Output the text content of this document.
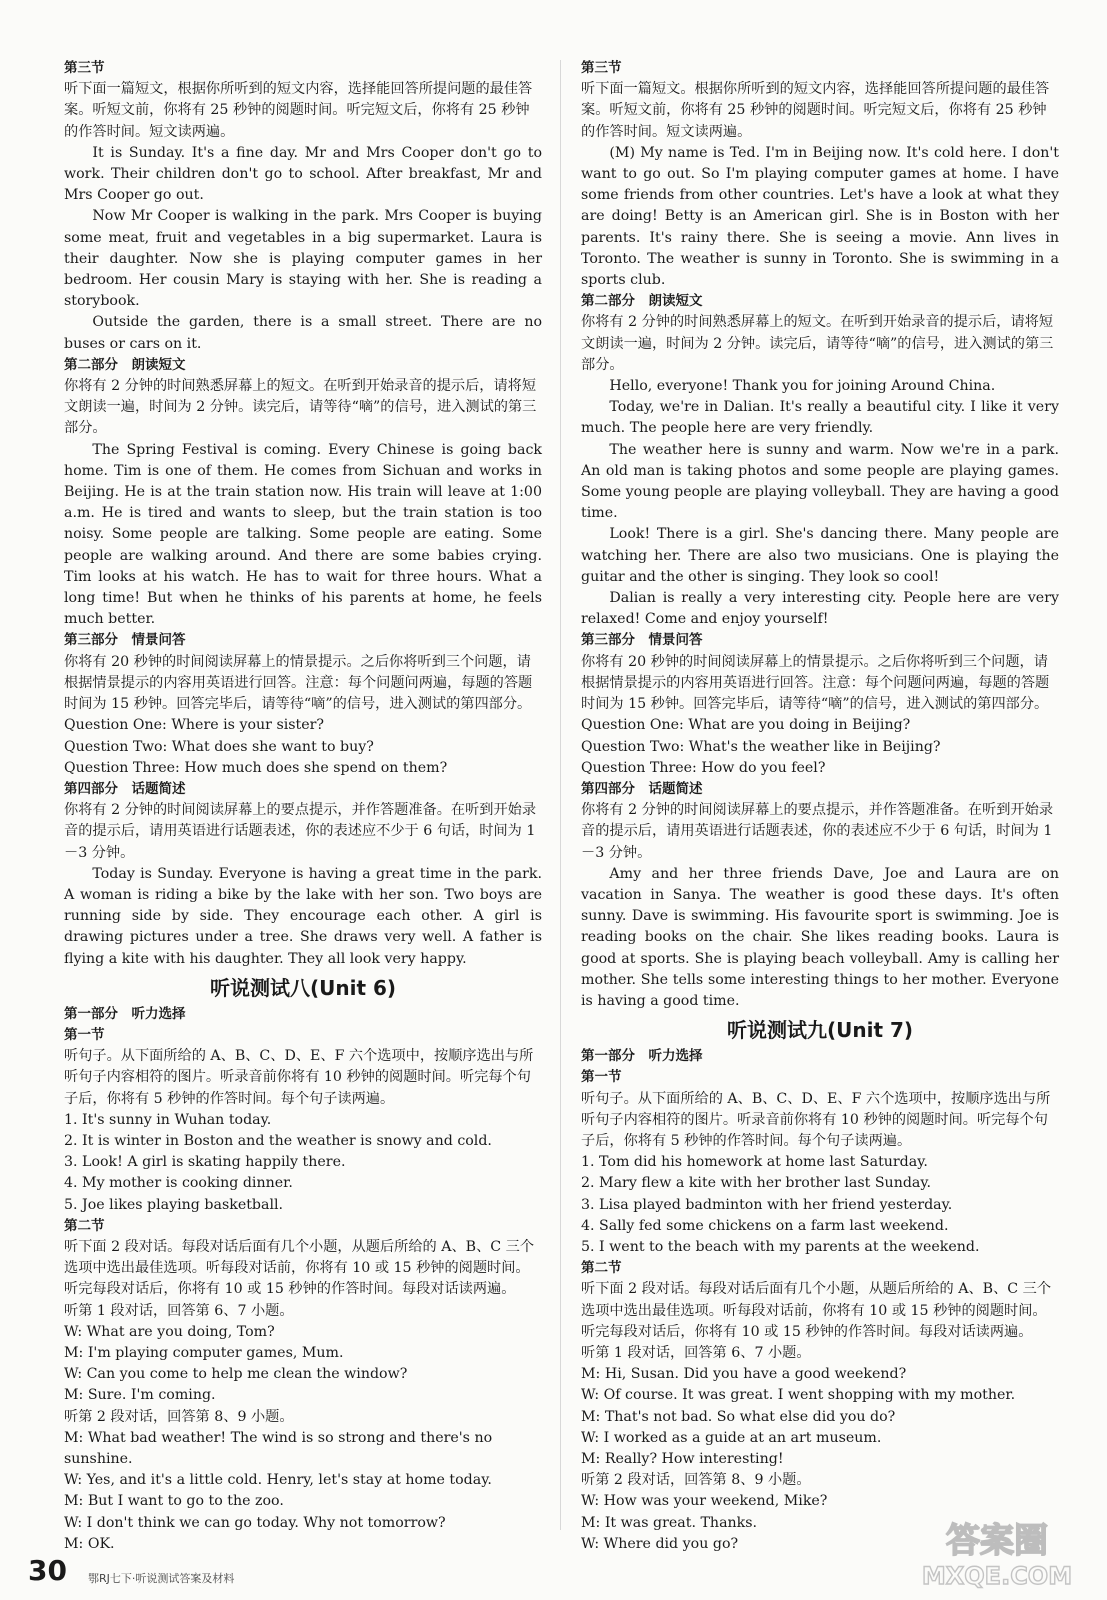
第三节

听下面一篇短文，根据你所听到的短文内容，选择能回答所提问题的最佳答案。听短文前，你将有 25 秒钟的阅题时间。听完短文后，你将有 25 秒钟的作答时间。短文读两遍。

It is Sunday. It's a fine day. Mr and Mrs Cooper don't go to work. Their children don't go to school. After breakfast, Mr and Mrs Cooper go out.

Now Mr Cooper is walking in the park. Mrs Cooper is buying some meat, fruit and vegetables in a big supermarket. Laura is their daughter. Now she is playing computer games in her bedroom. Her cousin Mary is staying with her. She is reading a storybook.

Outside the garden, there is a small street. There are no buses or cars on it.

第二部分　朗读短文

你将有 2 分钟的时间熟悉屏幕上的短文。在听到开始录音的提示后，请将短文朗读一遍，时间为 2 分钟。读完后，请等待“嘀”的信号，进入测试的第三部分。

The Spring Festival is coming. Every Chinese is going back home. Tim is one of them. He comes from Sichuan and works in Beijing. He is at the train station now. His train will leave at 1:00 a.m. He is tired and wants to sleep, but the train station is too noisy. Some people are talking. Some people are eating. Some people are walking around. And there are some babies crying. Tim looks at his watch. He has to wait for three hours. What a long time! But when he thinks of his parents at home, he feels much better.

第三部分　情景问答

你将有 20 秒钟的时间阅读屏幕上的情景提示。之后你将听到三个问题，请根据情景提示的内容用英语进行回答。注意：每个问题问两遍，每题的答题时间为 15 秒钟。回答完毕后，请等待“嘀”的信号，进入测试的第四部分。

Question One: Where is your sister?

Question Two: What does she want to buy?

Question Three: How much does she spend on them?

第四部分　话题简述

你将有 2 分钟的时间阅读屏幕上的要点提示，并作答题准备。在听到开始录音的提示后，请用英语进行话题表述，你的表述应不少于 6 句话，时间为 1－3 分钟。

Today is Sunday. Everyone is having a great time in the park. A woman is riding a bike by the lake with her son. Two boys are running side by side. They encourage each other. A girl is drawing pictures under a tree. She draws very well. A father is flying a kite with his daughter. They all look very happy.

听说测试八(Unit 6)

第一部分　听力选择

第一节

听句子。从下面所给的 A、B、C、D、E、F 六个选项中，按顺序选出与所听句子内容相符的图片。听录音前你将有 10 秒钟的阅题时间。听完每个句子后，你将有 5 秒钟的作答时间。每个句子读两遍。

1. It's sunny in Wuhan today.

2. It is winter in Boston and the weather is snowy and cold.

3. Look! A girl is skating happily there.

4. My mother is cooking dinner.

5. Joe likes playing basketball.

第二节

听下面 2 段对话。每段对话后面有几个小题，从题后所给的 A、B、C 三个选项中选出最佳选项。听每段对话前，你将有 10 或 15 秒钟的阅题时间。听完每段对话后，你将有 10 或 15 秒钟的作答时间。每段对话读两遍。

听第 1 段对话，回答第 6、7 小题。

W: What are you doing, Tom?

M: I'm playing computer games, Mum.

W: Can you come to help me clean the window?

M: Sure. I'm coming.

听第 2 段对话，回答第 8、9 小题。

M: What bad weather! The wind is so strong and there's no sunshine.

W: Yes, and it's a little cold. Henry, let's stay at home today.

M: But I want to go to the zoo.

W: I don't think we can go today. Why not tomorrow?

M: OK.

第三节

听下面一篇短文。根据你所听到的短文内容，选择能回答所提问题的最佳答案。听短文前，你将有 25 秒钟的阅题时间。听完短文后，你将有 25 秒钟的作答时间。短文读两遍。

(M) My name is Ted. I'm in Beijing now. It's cold here. I don't want to go out. So I'm playing computer games at home. I have some friends from other countries. Let's have a look at what they are doing! Betty is an American girl. She is in Boston with her parents. It's rainy there. She is seeing a movie. Ann lives in Toronto. The weather is sunny in Toronto. She is swimming in a sports club.

第二部分　朗读短文

你将有 2 分钟的时间熟悉屏幕上的短文。在听到开始录音的提示后，请将短文朗读一遍，时间为 2 分钟。读完后，请等待“嘀”的信号，进入测试的第三部分。

Hello, everyone! Thank you for joining Around China.

Today, we're in Dalian. It's really a beautiful city. I like it very much. The people here are very friendly.

The weather here is sunny and warm. Now we're in a park. An old man is taking photos and some people are playing games. Some young people are playing volleyball. They are having a good time.

Look! There is a girl. She's dancing there. Many people are watching her. There are also two musicians. One is playing the guitar and the other is singing. They look so cool!

Dalian is really a very interesting city. People here are very relaxed! Come and enjoy yourself!

第三部分　情景问答

你将有 20 秒钟的时间阅读屏幕上的情景提示。之后你将听到三个问题，请根据情景提示的内容用英语进行回答。注意：每个问题问两遍，每题的答题时间为 15 秒钟。回答完毕后，请等待“嘀”的信号，进入测试的第四部分。

Question One: What are you doing in Beijing?

Question Two: What's the weather like in Beijing?

Question Three: How do you feel?

第四部分　话题简述

你将有 2 分钟的时间阅读屏幕上的要点提示，并作答题准备。在听到开始录音的提示后，请用英语进行话题表述，你的表述应不少于 6 句话，时间为 1－3 分钟。

Amy and her three friends Dave, Joe and Laura are on vacation in Sanya. The weather is good these days. It's often sunny. Dave is swimming. His favourite sport is swimming. Joe is reading books on the chair. She likes reading books. Laura is good at sports. She is playing beach volleyball. Amy is calling her mother. She tells some interesting things to her mother. Everyone is having a good time.

听说测试九(Unit 7)

第一部分　听力选择

第一节

听句子。从下面所给的 A、B、C、D、E、F 六个选项中，按顺序选出与所听句子内容相符的图片。听录音前你将有 10 秒钟的阅题时间。听完每个句子后，你将有 5 秒钟的作答时间。每个句子读两遍。

1. Tom did his homework at home last Saturday.

2. Mary flew a kite with her brother last Sunday.

3. Lisa played badminton with her friend yesterday.

4. Sally fed some chickens on a farm last weekend.

5. I went to the beach with my parents at the weekend.

第二节

听下面 2 段对话。每段对话后面有几个小题，从题后所给的 A、B、C 三个选项中选出最佳选项。听每段对话前，你将有 10 或 15 秒钟的阅题时间。听完每段对话后，你将有 10 或 15 秒钟的作答时间。每段对话读两遍。

听第 1 段对话，回答第 6、7 小题。

M: Hi, Susan. Did you have a good weekend?

W: Of course. It was great. I went shopping with my mother.

M: That's not bad. So what else did you do?

W: I worked as a guide at an art museum.

M: Really? How interesting!

听第 2 段对话，回答第 8、9 小题。

W: How was your weekend, Mike?

M: It was great. Thanks.

W: Where did you go?

30 鄂RJ七下·听说测试答案及材料
答案圈
MXQE.COM
